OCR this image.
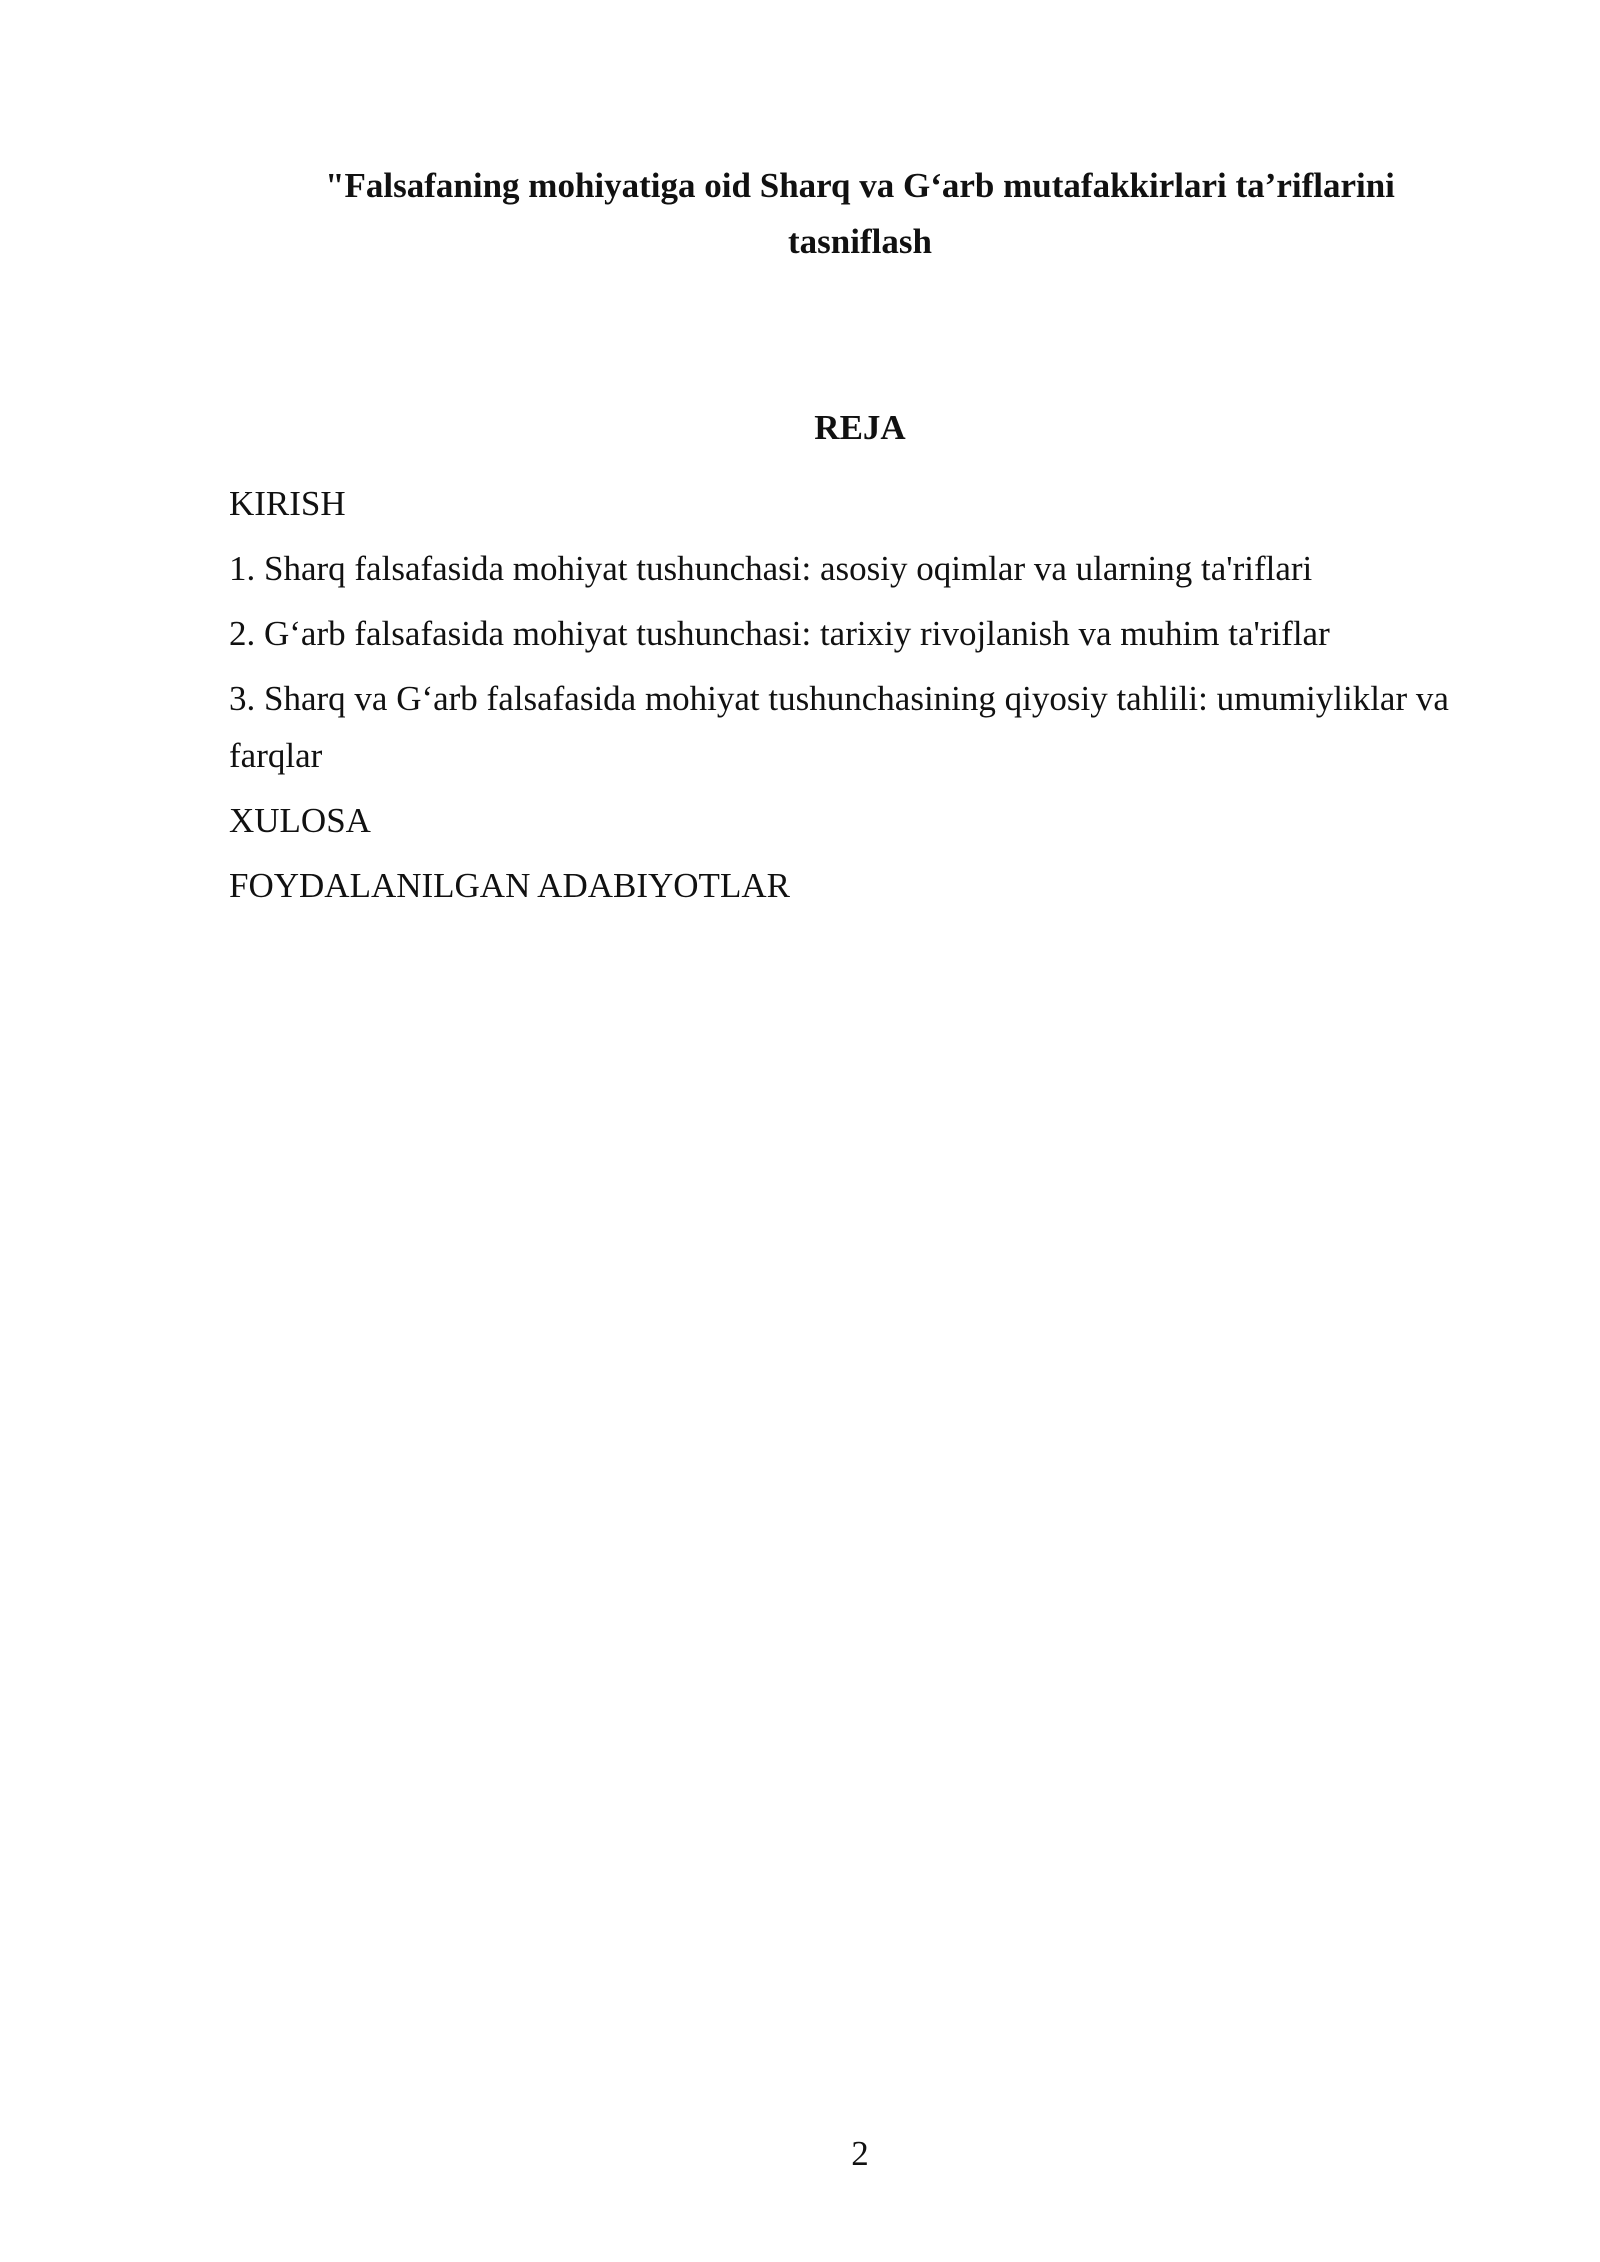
"Falsafaning mohiyatiga oid Sharq va G‘arb mutafakkirlari ta’riflarini
tasniflash
REJA
KIRISH
1. Sharq falsafasida mohiyat tushunchasi: asosiy oqimlar va ularning ta'riflari
2. G‘arb falsafasida mohiyat tushunchasi: tarixiy rivojlanish va muhim ta'riflar
3. Sharq va G‘arb falsafasida mohiyat tushunchasining qiyosiy tahlili: umumiyliklar va farqlar
XULOSA
FOYDALANILGAN ADABIYOTLAR
2
